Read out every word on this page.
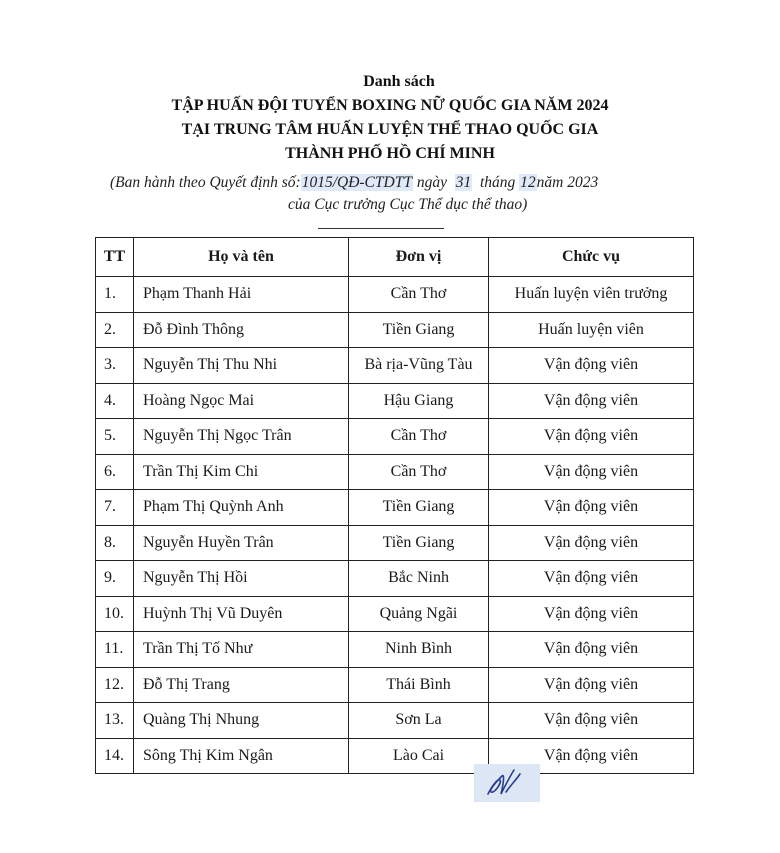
Danh sách
TẬP HUẤN ĐỘI TUYỂN BOXING NỮ QUỐC GIA NĂM 2024
TẠI TRUNG TÂM HUẤN LUYỆN THỂ THAO QUỐC GIA
THÀNH PHỐ HỒ CHÍ MINH
(Ban hành theo Quyết định số:1015/QĐ-CTDTT ngày  31 tháng 12năm 2023
của Cục trưởng Cục Thể dục thể thao)
TT	Họ và tên	Đơn vị	Chức vụ
1.	Phạm Thanh Hải	Cần Thơ	Huấn luyện viên trưởng
2.	Đỗ Đình Thông	Tiền Giang	Huấn luyện viên
3.	Nguyễn Thị Thu Nhi	Bà rịa-Vũng Tàu	Vận động viên
4.	Hoàng Ngọc Mai	Hậu Giang	Vận động viên
5.	Nguyễn Thị Ngọc Trân	Cần Thơ	Vận động viên
6.	Trần Thị Kim Chi	Cần Thơ	Vận động viên
7.	Phạm Thị Quỳnh Anh	Tiền Giang	Vận động viên
8.	Nguyễn Huyền Trân	Tiền Giang	Vận động viên
9.	Nguyễn Thị Hồi	Bắc Ninh	Vận động viên
10.	Huỳnh Thị Vũ Duyên	Quảng Ngãi	Vận động viên
11.	Trần Thị Tố Như	Ninh Bình	Vận động viên
12.	Đỗ Thị Trang	Thái Bình	Vận động viên
13.	Quàng Thị Nhung	Sơn La	Vận động viên
14.	Sông Thị Kim Ngân	Lào Cai	Vận động viên
